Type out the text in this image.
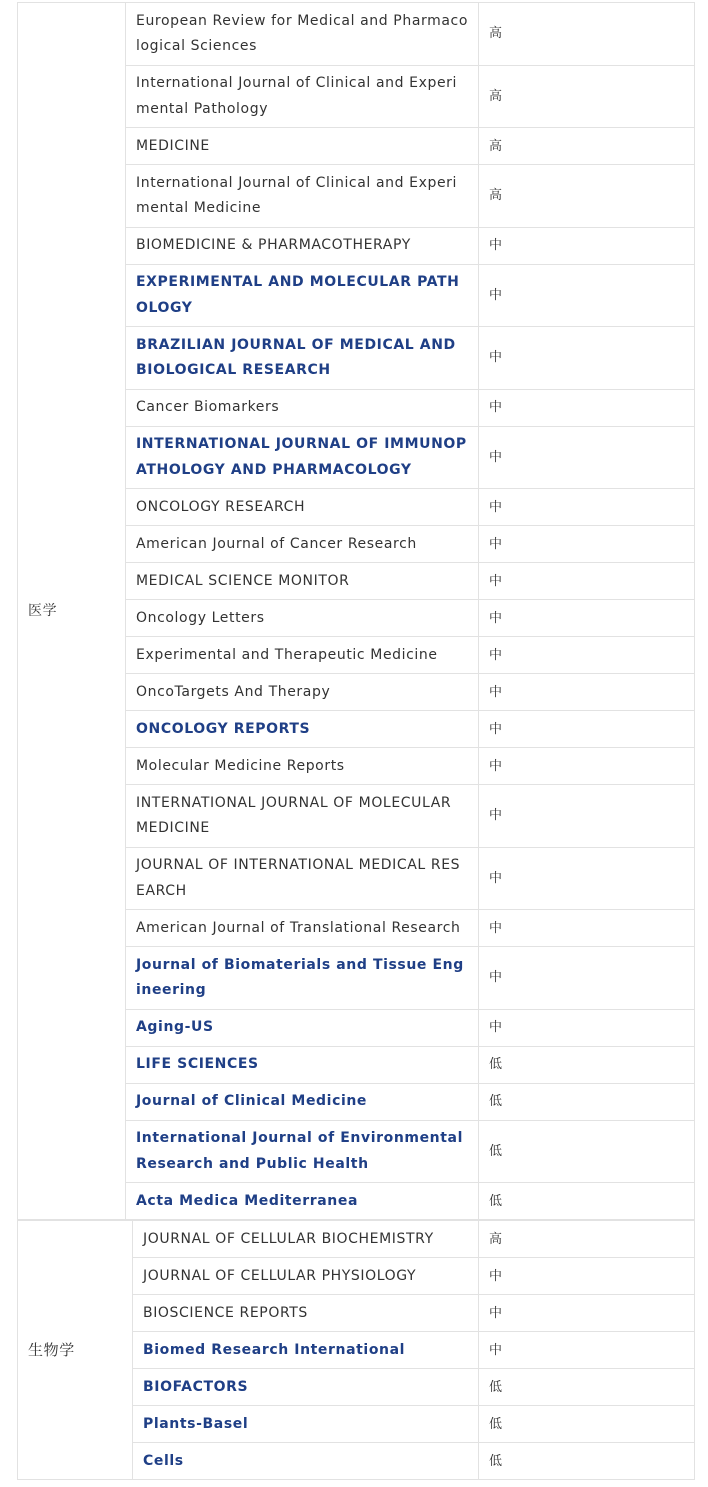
医学	European Review for Medical and Pharmacological Sciences	高
	International Journal of Clinical and Experimental Pathology	高
	MEDICINE	高
	International Journal of Clinical and Experimental Medicine	高
	BIOMEDICINE & PHARMACOTHERAPY	中
	EXPERIMENTAL AND MOLECULAR PATHOLOGY	中
	BRAZILIAN JOURNAL OF MEDICAL AND BIOLOGICAL RESEARCH	中
	Cancer Biomarkers	中
	INTERNATIONAL JOURNAL OF IMMUNOPATHOLOGY AND PHARMACOLOGY	中
	ONCOLOGY RESEARCH	中
	American Journal of Cancer Research	中
	MEDICAL SCIENCE MONITOR	中
	Oncology Letters	中
	Experimental and Therapeutic Medicine	中
	OncoTargets And Therapy	中
	ONCOLOGY REPORTS	中
	Molecular Medicine Reports	中
	INTERNATIONAL JOURNAL OF MOLECULAR MEDICINE	中
	JOURNAL OF INTERNATIONAL MEDICAL RESEARCH	中
	American Journal of Translational Research	中
	Journal of Biomaterials and Tissue Engineering	中
	Aging-US	中
	LIFE SCIENCES	低
	Journal of Clinical Medicine	低
	International Journal of Environmental Research and Public Health	低
	Acta Medica Mediterranea	低
生物学	JOURNAL OF CELLULAR BIOCHEMISTRY	高
	JOURNAL OF CELLULAR PHYSIOLOGY	中
	BIOSCIENCE REPORTS	中
	Biomed Research International	中
	BIOFACTORS	低
	Plants-Basel	低
	Cells	低
